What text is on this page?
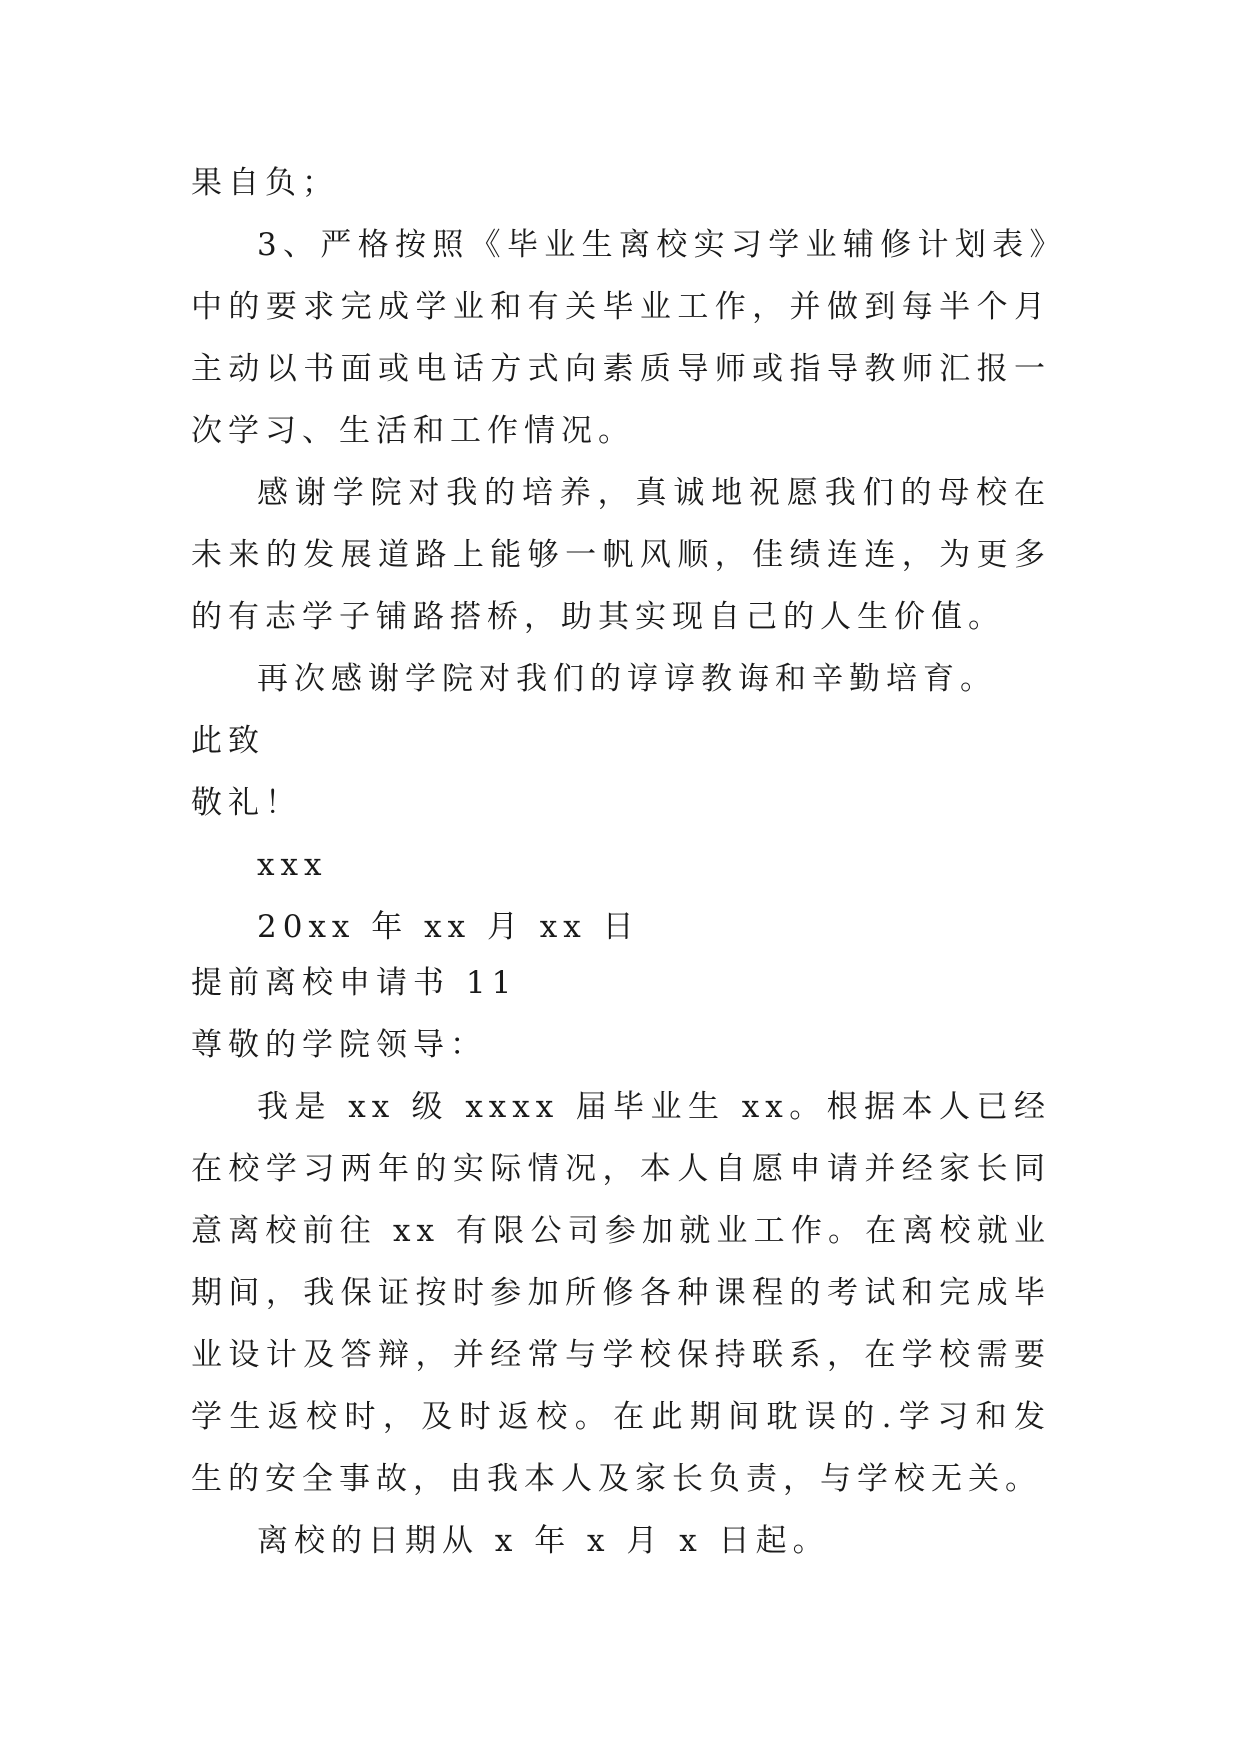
果自负；

3、严格按照《毕业生离校实习学业辅修计划表》中的要求完成学业和有关毕业工作，并做到每半个月主动以书面或电话方式向素质导师或指导教师汇报一次学习、生活和工作情况。

感谢学院对我的培养，真诚地祝愿我们的母校在未来的发展道路上能够一帆风顺，佳绩连连，为更多的有志学子铺路搭桥，助其实现自己的人生价值。

再次感谢学院对我们的谆谆教诲和辛勤培育。

此致

敬礼！

xxx

20xx 年 xx 月 xx 日

提前离校申请书 11

尊敬的学院领导：

我是 xx 级 xxxx 届毕业生 xx。根据本人已经在校学习两年的实际情况，本人自愿申请并经家长同意离校前往 xx 有限公司参加就业工作。在离校就业期间，我保证按时参加所修各种课程的考试和完成毕业设计及答辩，并经常与学校保持联系，在学校需要学生返校时，及时返校。在此期间耽误的.学习和发生的安全事故，由我本人及家长负责，与学校无关。

离校的日期从 x 年 x 月 x 日起。
